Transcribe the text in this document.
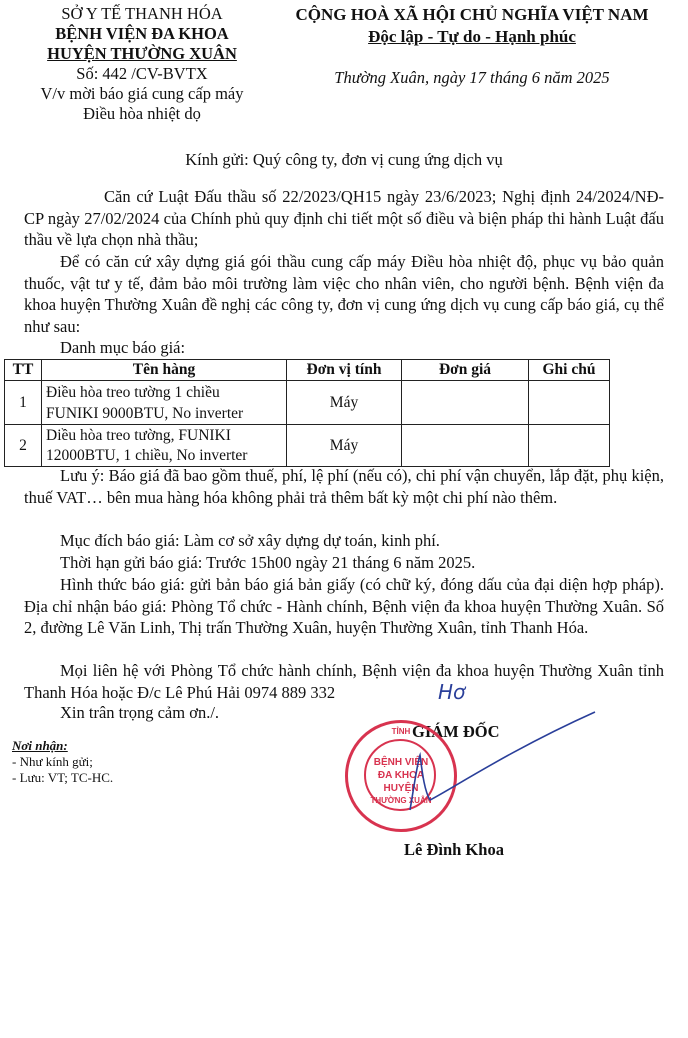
SỞ Y TẾ THANH HÓA
BỆNH VIỆN ĐA KHOA
HUYỆN THƯỜNG XUÂN
Số: 442 /CV-BVTX
V/v mời báo giá cung cấp máy
Điều hòa nhiệt dọ
CỘNG HOÀ XÃ HỘI CHỦ NGHĨA VIỆT NAM
Độc lập - Tự do - Hạnh phúc
Thường Xuân, ngày 17 tháng 6 năm 2025
Kính gửi: Quý công ty, đơn vị cung ứng dịch vụ
Căn cứ Luật Đấu thầu số 22/2023/QH15 ngày 23/6/2023; Nghị định 24/2024/NĐ-CP ngày 27/02/2024 của Chính phủ quy định chi tiết một số điều và biện pháp thi hành Luật đấu thầu về lựa chọn nhà thầu;
Để có căn cứ xây dựng giá gói thầu cung cấp máy Điều hòa nhiệt độ, phục vụ bảo quản thuốc, vật tư y tế, đảm bảo môi trường làm việc cho nhân viên, cho người bệnh. Bệnh viện đa khoa huyện Thường Xuân đề nghị các công ty, đơn vị cung ứng dịch vụ cung cấp báo giá, cụ thể như sau:
Danh mục báo giá:
TT	Tên hàng	Đơn vị tính	Đơn giá	Ghi chú
1	Điều hòa treo tường 1 chiều
FUNIKI 9000BTU, No inverter	Máy		
2	Diều hòa treo tường, FUNIKI
12000BTU, 1 chiều, No inverter	Máy		
Lưu ý: Báo giá đã bao gồm thuế, phí, lệ phí (nếu có), chi phí vận chuyển, lắp đặt, phụ kiện, thuế VAT… bên mua hàng hóa không phải trả thêm bất kỳ một chi phí nào thêm.
Mục đích báo giá: Làm cơ sở xây dựng dự toán, kinh phí.
Thời hạn gửi báo giá: Trước 15h00 ngày 21 tháng 6 năm 2025.
Hình thức báo giá: gửi bản báo giá bản giấy (có chữ ký, đóng dấu của đại diện hợp pháp). Địa chỉ nhận báo giá: Phòng Tổ chức - Hành chính, Bệnh viện đa khoa huyện Thường Xuân. Số 2, đường Lê Văn Linh, Thị trấn Thường Xuân, huyện Thường Xuân, tỉnh Thanh Hóa.
Mọi liên hệ với Phòng Tổ chức hành chính, Bệnh viện đa khoa huyện Thường Xuân tỉnh Thanh Hóa hoặc Đ/c Lê Phú Hải 0974 889 332
Xin trân trọng cảm ơn./.
Hơ
Nơi nhận:
- Như kính gửi;
- Lưu: VT; TC-HC.
GIÁM ĐỐC
TỈNH
BỆNH VIỆN
ĐA KHOA
HUYỆN
THƯỜNG XUÂN
Lê Đình Khoa
